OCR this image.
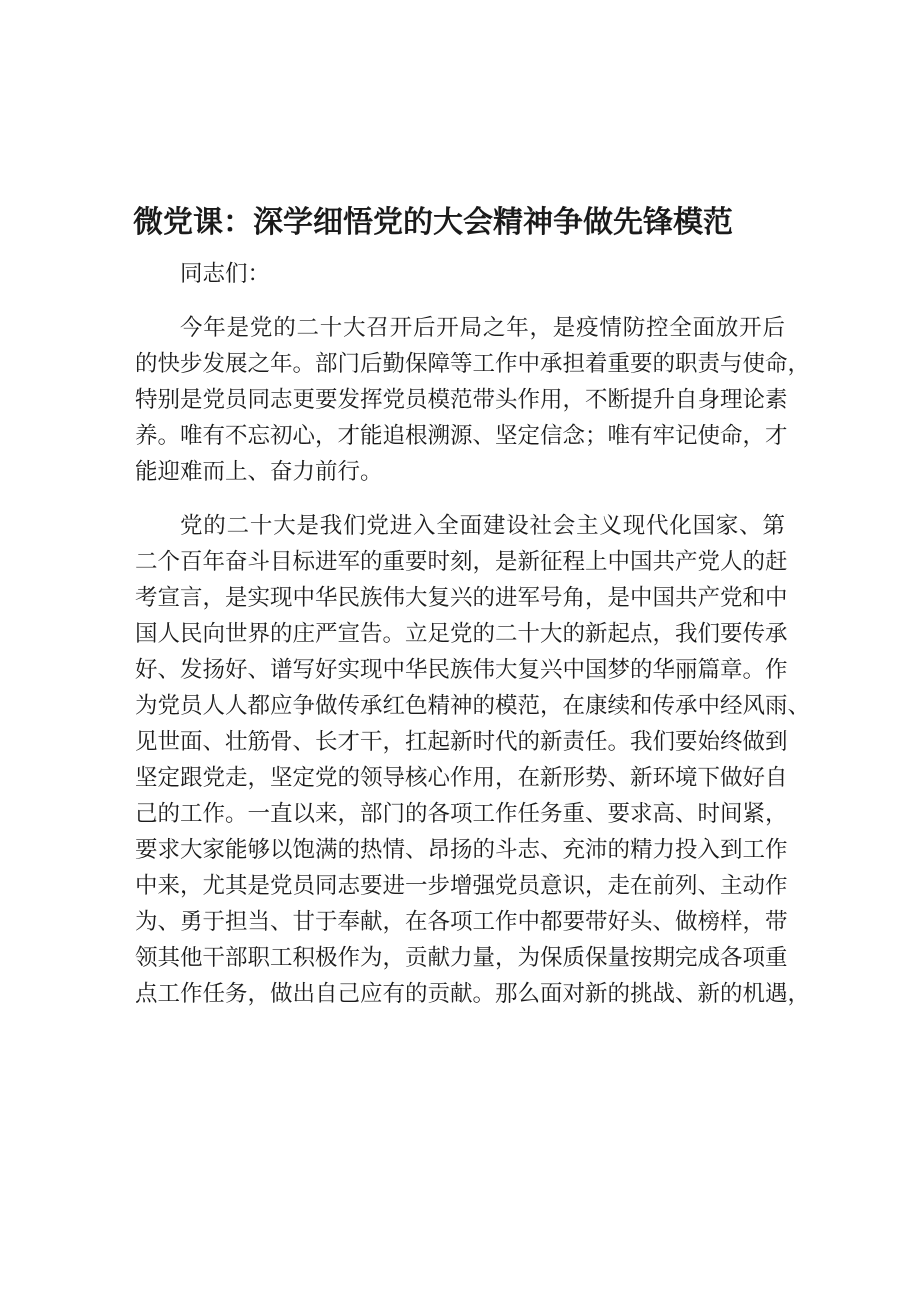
微党课：深学细悟党的大会精神争做先锋模范
同志们：
今年是党的二十大召开后开局之年，是疫情防控全面放开后
的快步发展之年。部门后勤保障等工作中承担着重要的职责与使命，
特别是党员同志更要发挥党员模范带头作用，不断提升自身理论素
养。唯有不忘初心，才能追根溯源、坚定信念；唯有牢记使命，才
能迎难而上、奋力前行。
党的二十大是我们党进入全面建设社会主义现代化国家、第
二个百年奋斗目标进军的重要时刻，是新征程上中国共产党人的赶
考宣言，是实现中华民族伟大复兴的进军号角，是中国共产党和中
国人民向世界的庄严宣告。立足党的二十大的新起点，我们要传承
好、发扬好、谱写好实现中华民族伟大复兴中国梦的华丽篇章。作
为党员人人都应争做传承红色精神的模范，在康续和传承中经风雨、
见世面、壮筋骨、长才干，扛起新时代的新责任。我们要始终做到
坚定跟党走，坚定党的领导核心作用，在新形势、新环境下做好自
己的工作。一直以来，部门的各项工作任务重、要求高、时间紧，
要求大家能够以饱满的热情、昂扬的斗志、充沛的精力投入到工作
中来，尤其是党员同志要进一步增强党员意识，走在前列、主动作
为、勇于担当、甘于奉献，在各项工作中都要带好头、做榜样，带
领其他干部职工积极作为，贡献力量，为保质保量按期完成各项重
点工作任务，做出自己应有的贡献。那么面对新的挑战、新的机遇，
